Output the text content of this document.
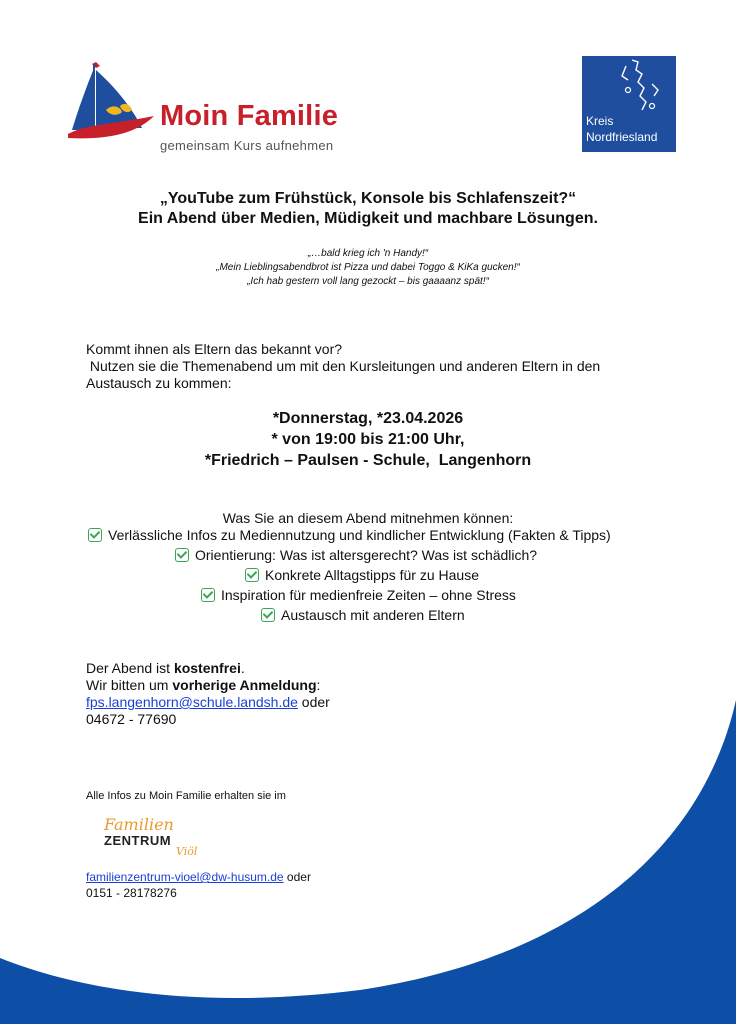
Moin Familie
gemeinsam Kurs aufnehmen
Kreis
Nordfriesland
„YouTube zum Frühstück, Konsole bis Schlafenszeit?“
Ein Abend über Medien, Müdigkeit und machbare Lösungen.
„…bald krieg ich 'n Handy!“
„Mein Lieblingsabendbrot ist Pizza und dabei Toggo & KiKa gucken!“
„Ich hab gestern voll lang gezockt – bis gaaaanz spät!“
Kommt ihnen als Eltern das bekannt vor?
Nutzen sie die Themenabend um mit den Kursleitungen und anderen Eltern in den
Austausch zu kommen:
*Donnerstag, *23.04.2026
* von 19:00 bis 21:00 Uhr,
*Friedrich – Paulsen - Schule,  Langenhorn
Was Sie an diesem Abend mitnehmen können:
Verlässliche Infos zu Mediennutzung und kindlicher Entwicklung (Fakten & Tipps)
Orientierung: Was ist altersgerecht? Was ist schädlich?
Konkrete Alltagstipps für zu Hause
Inspiration für medienfreie Zeiten – ohne Stress
Austausch mit anderen Eltern
Der Abend ist kostenfrei.
Wir bitten um vorherige Anmeldung:
fps.langenhorn@schule.landsh.de oder
04672 - 77690
Alle Infos zu Moin Familie erhalten sie im
Familien
ZENTRUM
Viöl
familienzentrum-vioel@dw-husum.de oder
0151 - 28178276
